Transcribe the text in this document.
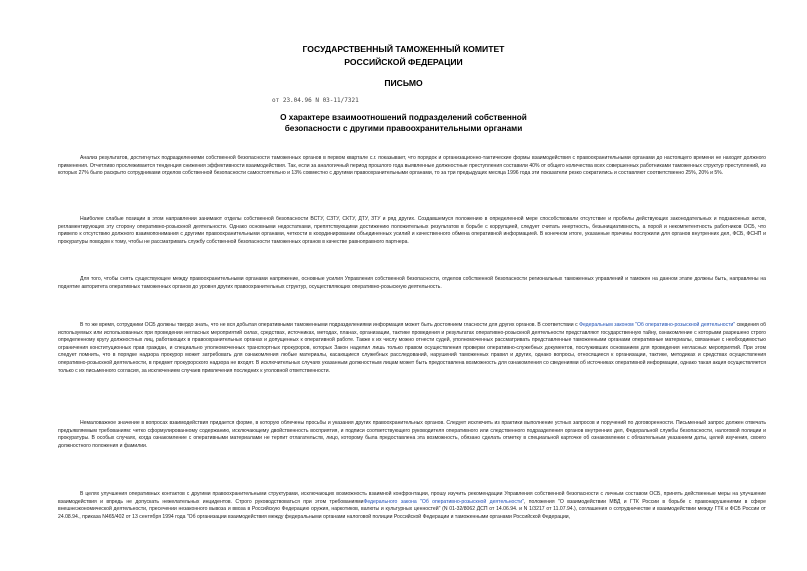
ГОСУДАРСТВЕННЫЙ ТАМОЖЕННЫЙ КОМИТЕТ
РОССИЙСКОЙ ФЕДЕРАЦИИ
ПИСЬМО
от 23.04.96 N 03-11/7321
О характере взаимоотношений подразделений собственной
безопасности с другими правоохранительными органами

Анализ результатов, достигнутых подразделениями собственной безопасности таможенных органов в первом квартале с.г. показывает, что порядок и организационно-тактические формы взаимодействия с правоохранительными органами до настоящего времени не находят должного применения. Отчетливо прослеживается тенденция снижения эффективности взаимодействия. Так, если за аналогичный период прошлого года выявленные должностные преступления составили 40% от общего количества всех совершенных работниками таможенных структур преступлений, из которых 27% было раскрыто сотрудниками отделов собственной безопасности самостоятельно и 13% совместно с другими правоохранительными органами, то за три предыдущих месяца 1996 года эти показатели резко сократились и составляют соответственно 25%, 20% и 5%.

Наиболее слабые позиции в этом направлении занимают отделы собственной безопасности ВСТУ, СЗТУ, СКТУ, ДТУ, ЗТУ и ряд других. Создавшемуся положению в определенной мере способствовали отсутствие и пробелы действующих законодательных и подзаконных актов, регламентирующих эту сторону оперативно-розыскной деятельности. Однако основными недостатками, препятствующими достижению положительных результатов в борьбе с коррупцией, следует считать инертность, безынициативность, а порой и некомпетентность работников ОСБ, что привело к отсутствию должного взаимопонимания с другими правоохранительными органами, четкости в координировании объединенных усилий и качественного обмена оперативной информацией. В конечном итоге, указанные причины послужили для органов внутренних дел, ФСБ, ФСНП и прокуратуры поводом к тому, чтобы не рассматривать службу собственной безопасности таможенных органов в качестве равноправного партнера.

Для того, чтобы снять существующее между правоохранительными органами напряжение, основные усилия Управления собственной безопасности, отделов собственной безопасности региональных таможенных управлений и таможен на данном этапе должны быть, направлены на поднятие авторитета оперативных таможенных органов до уровня других правоохранительных структур, осуществляющих оперативно-розыскную деятельность.

В то же время, сотрудники ОСБ должны твердо знать, что не вся добытая оперативными таможенными подразделениями информация может быть достоянием гласности для других органов. В соответствии с Федеральным законом "Об оперативно-розыскной деятельности" сведения об используемых или использованных при проведении негласных мероприятий силах, средствах, источниках, методах, планах, организации, тактике проведения и результатах оперативно-розыскной деятельности представляют государственную тайну, ознакомление с которыми разрешено строго определенному кругу должностных лиц, работающих в правоохранительных органах и допущенных к оперативной работе. Также к их числу можно отнести судей, уполномоченных рассматривать представленные таможенными органами оперативные материалы, связанные с необходимостью ограничения конституционных прав граждан, и специально уполномоченных транспортных прокуроров, которых Закон наделил лишь только правом осуществления проверки оперативно-служебных документов, послуживших основанием для проведения негласных мероприятий. При этом следует помнить, что в порядке надзора прокурор может затребовать для ознакомления любые материалы, касающиеся служебных расследований, нарушений таможенных правил и других, однако вопросы, относящиеся к организации, тактике, методиках и средствах осуществления оперативно-розыскной деятельности, в предмет прокурорского надзора не входят. В исключительных случаях указанным должностным лицам может быть предоставлена возможность для ознакомления со сведениями об источниках оперативной информации, однако такая акция осуществляется только с их письменного согласия, за исключением случаев привлечения последних к уголовной ответственности.

Немаловажное значение в вопросах взаимодействия придается форме, в которую облечены просьбы и указания других правоохранительных органов. Следует исключить из практики выполнение устных запросов и поручений по договоренности. Письменный запрос должен отвечать предъявляемым требованиям: четко сформулированному содержанию, исключающему двойственность восприятия, и подписи соответствующего руководителя оперативного или следственного подразделения органов внутренних дел, Федеральной службы безопасности, налоговой полиции и прокуратуры. В особых случаях, когда ознакомление с оперативными материалами не терпит отлагательств, лицо, которому была предоставлена эта возможность, обязано сделать отметку в специальной карточке об ознакомлении с обязательным указанием даты, целей изучения, своего должностного положения и фамилии.

В целях улучшения оперативных контактов с другими правоохранительными структурами, исключающих возможность взаимной конфронтации, прошу изучить рекомендации Управления собственной безопасности с личным составом ОСБ, принять действенные меры на улучшение взаимодействия и впредь не допускать нежелательных инцидентов. Строго руководствоваться при этом требованиямиФедерального закона "Об оперативно-розыскной деятельности", положения "О взаимодействии МВД и ГТК России в борьбе с правонарушениями в сфере внешнеэкономической деятельности, пресечении незаконного вывоза и ввоза в Российскую Федерацию оружия, наркотиков, валюты и культурных ценностей" (N 01-32/8062 ДСП от 14.06.94. и N 1/3217 от 11.07.94.), соглашения о сотрудничестве и взаимодействии между ГТК и ФСБ России от 24.08.94., приказа N465/402 от 13 сентября 1994 года "Об организации взаимодействия между федеральными органами налоговой полиции Российской Федерации и таможенными органами Российской Федерации,
